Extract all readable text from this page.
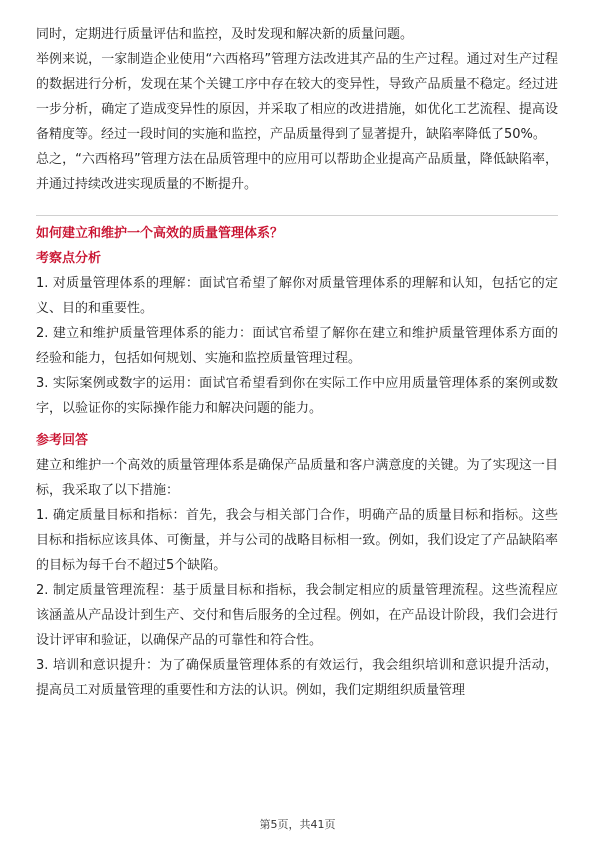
同时，定期进行质量评估和监控，及时发现和解决新的质量问题。

举例来说，一家制造企业使用“六西格玛”管理方法改进其产品的生产过程。通过对生产过程的数据进行分析，发现在某个关键工序中存在较大的变异性，导致产品质量不稳定。经过进一步分析，确定了造成变异性的原因，并采取了相应的改进措施，如优化工艺流程、提高设备精度等。经过一段时间的实施和监控，产品质量得到了显著提升，缺陷率降低了50%。

总之，“六西格玛”管理方法在品质管理中的应用可以帮助企业提高产品质量，降低缺陷率，并通过持续改进实现质量的不断提升。

如何建立和维护一个高效的质量管理体系？

考察点分析

1. 对质量管理体系的理解：面试官希望了解你对质量管理体系的理解和认知，包括它的定义、目的和重要性。

2. 建立和维护质量管理体系的能力：面试官希望了解你在建立和维护质量管理体系方面的经验和能力，包括如何规划、实施和监控质量管理过程。

3. 实际案例或数字的运用：面试官希望看到你在实际工作中应用质量管理体系的案例或数字，以验证你的实际操作能力和解决问题的能力。

参考回答

建立和维护一个高效的质量管理体系是确保产品质量和客户满意度的关键。为了实现这一目标，我采取了以下措施：

1. 确定质量目标和指标：首先，我会与相关部门合作，明确产品的质量目标和指标。这些目标和指标应该具体、可衡量，并与公司的战略目标相一致。例如，我们设定了产品缺陷率的目标为每千台不超过5个缺陷。

2. 制定质量管理流程：基于质量目标和指标，我会制定相应的质量管理流程。这些流程应该涵盖从产品设计到生产、交付和售后服务的全过程。例如，在产品设计阶段，我们会进行设计评审和验证，以确保产品的可靠性和符合性。

3. 培训和意识提升：为了确保质量管理体系的有效运行，我会组织培训和意识提升活动，提高员工对质量管理的重要性和方法的认识。例如，我们定期组织质量管理

第5页，共41页
